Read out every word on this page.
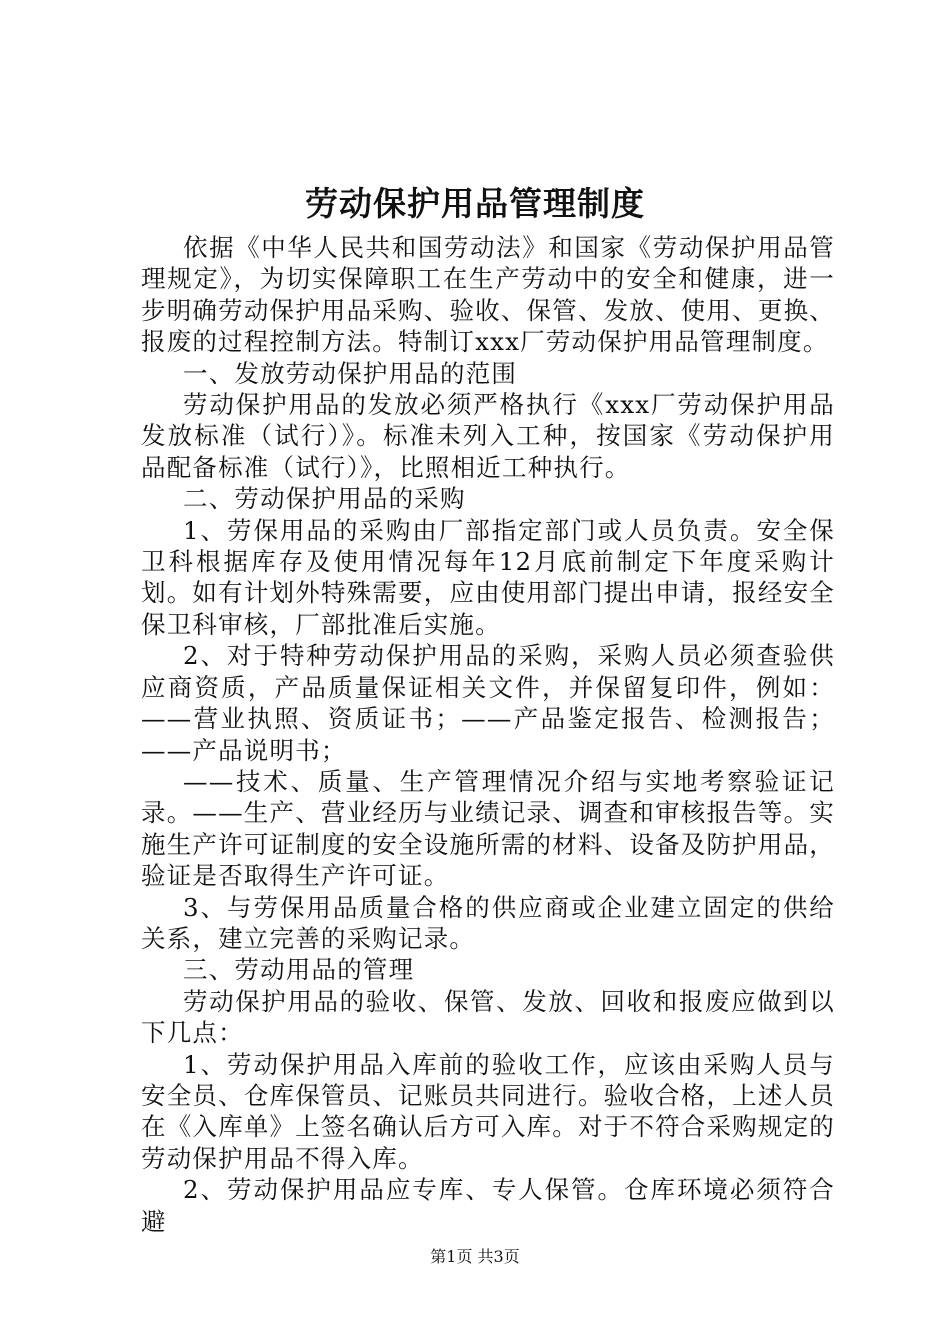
劳动保护用品管理制度

依据《中华人民共和国劳动法》和国家《劳动保护用品管理规定》，为切实保障职工在生产劳动中的安全和健康，进一步明确劳动保护用品采购、验收、保管、发放、使用、更换、报废的过程控制方法。特制订xxx厂劳动保护用品管理制度。

一、发放劳动保护用品的范围

劳动保护用品的发放必须严格执行《xxx厂劳动保护用品发放标准（试行）》。标准未列入工种，按国家《劳动保护用品配备标准（试行）》，比照相近工种执行。

二、劳动保护用品的采购

1、劳保用品的采购由厂部指定部门或人员负责。安全保卫科根据库存及使用情况每年12月底前制定下年度采购计划。如有计划外特殊需要，应由使用部门提出申请，报经安全保卫科审核，厂部批准后实施。

2、对于特种劳动保护用品的采购，采购人员必须查验供应商资质，产品质量保证相关文件，并保留复印件，例如：——营业执照、资质证书；——产品鉴定报告、检测报告；——产品说明书；

——技术、质量、生产管理情况介绍与实地考察验证记录。——生产、营业经历与业绩记录、调查和审核报告等。实施生产许可证制度的安全设施所需的材料、设备及防护用品，验证是否取得生产许可证。

3、与劳保用品质量合格的供应商或企业建立固定的供给关系，建立完善的采购记录。

三、劳动用品的管理

劳动保护用品的验收、保管、发放、回收和报废应做到以下几点：

1、劳动保护用品入库前的验收工作，应该由采购人员与安全员、仓库保管员、记账员共同进行。验收合格，上述人员在《入库单》上签名确认后方可入库。对于不符合采购规定的劳动保护用品不得入库。

2、劳动保护用品应专库、专人保管。仓库环境必须符合避

第1页 共3页
